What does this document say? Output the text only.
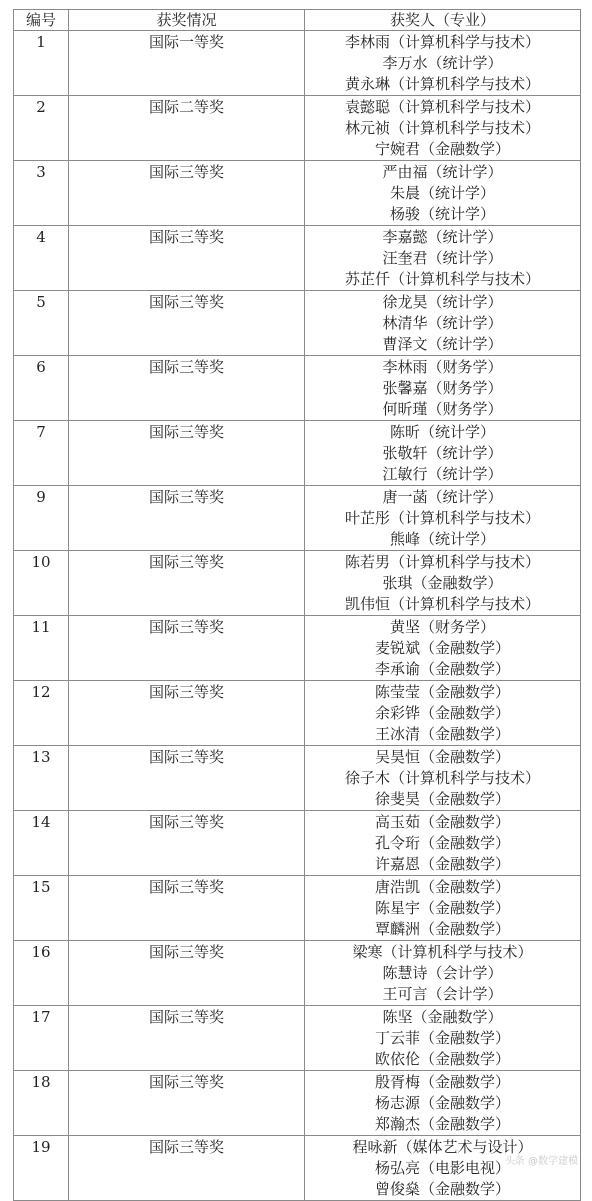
编号	获奖情况	获奖人（专业）
1	国际一等奖	李林雨（计算机科学与技术）
李万水（统计学）
黄永琳（计算机科学与技术）

2	国际二等奖	袁懿聪（计算机科学与技术）
林元祯（计算机科学与技术）
宁婉君（金融数学）

3	国际三等奖	严由福（统计学）
朱晨（统计学）
杨骏（统计学）

4	国际三等奖	李嘉懿（统计学）
汪奎君（统计学）
苏芷仟（计算机科学与技术）

5	国际三等奖	徐龙昊（统计学）
林清华（统计学）
曹泽文（统计学）

6	国际三等奖	李林雨（财务学）
张馨嘉（财务学）
何昕瑾（财务学）

7	国际三等奖	陈昕（统计学）
张敬轩（统计学）
江敏行（统计学）

9	国际三等奖	唐一菡（统计学）
叶芷彤（计算机科学与技术）
熊峰（统计学）

10	国际三等奖	陈若男（计算机科学与技术）
张琪（金融数学）
凯伟恒（计算机科学与技术）

11	国际三等奖	黄坚（财务学）
麦锐斌（金融数学）
李承谕（金融数学）

12	国际三等奖	陈莹莹（金融数学）
余彩铧（金融数学）
王冰清（金融数学）

13	国际三等奖	吴昊恒（金融数学）
徐子木（计算机科学与技术）
徐斐昊（金融数学）

14	国际三等奖	高玉茹（金融数学）
孔令珩（金融数学）
许嘉恩（金融数学）

15	国际三等奖	唐浩凯（金融数学）
陈星宇（金融数学）
覃麟洲（金融数学）

16	国际三等奖	梁寒（计算机科学与技术）
陈慧诗（会计学）
王可言（会计学）

17	国际三等奖	陈坚（金融数学）
丁云菲（金融数学）
欧依伦（金融数学）

18	国际三等奖	殷胥梅（金融数学）
杨志源（金融数学）
郑瀚杰（金融数学）

19	国际三等奖	程咏新（媒体艺术与设计）
杨弘亮（电影电视）
曾俊燊（金融数学）
头条 @数学建模
